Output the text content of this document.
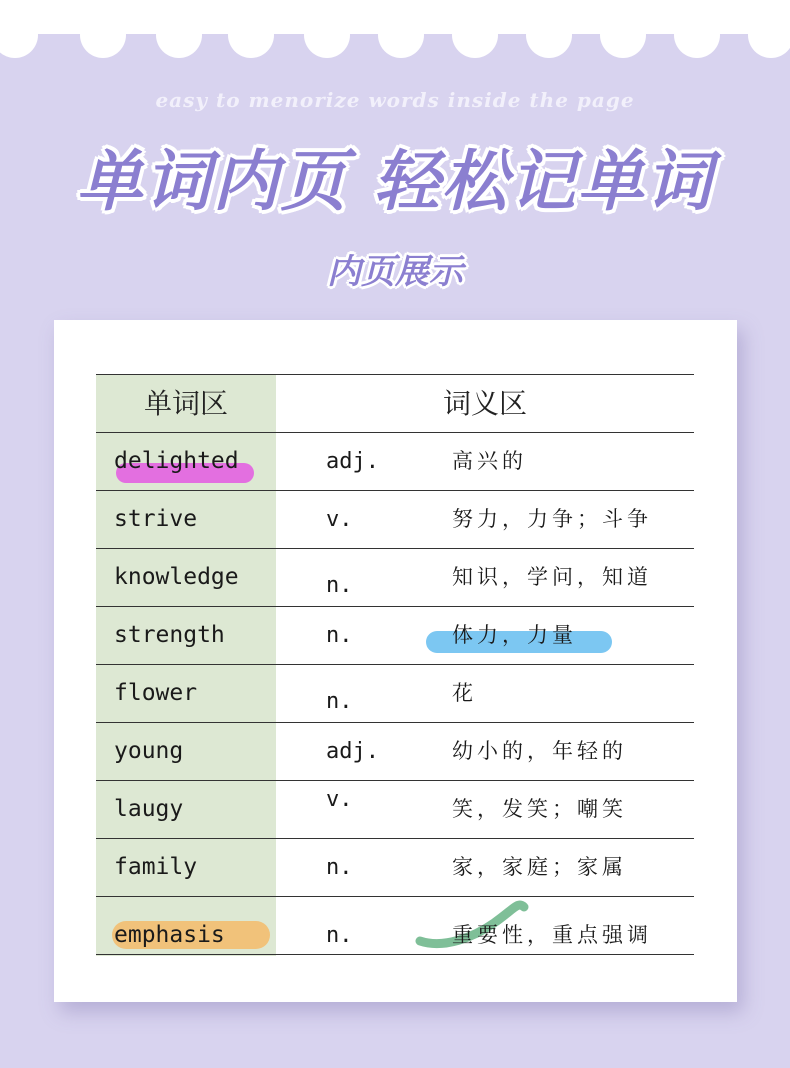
easy to menorize words inside the page
单词内页 轻松记单词
内页展示
单词区	词义区
delighted	adj.	高兴的
strive	v.	努力，力争；斗争
knowledge	n.	知识，学问，知道
strength	n.	体力，力量
flower	n.	花
young	adj.	幼小的，年轻的
laugy	v.	笑，发笑；嘲笑
family	n.	家，家庭；家属
emphasis	n.	重要性，重点强调
